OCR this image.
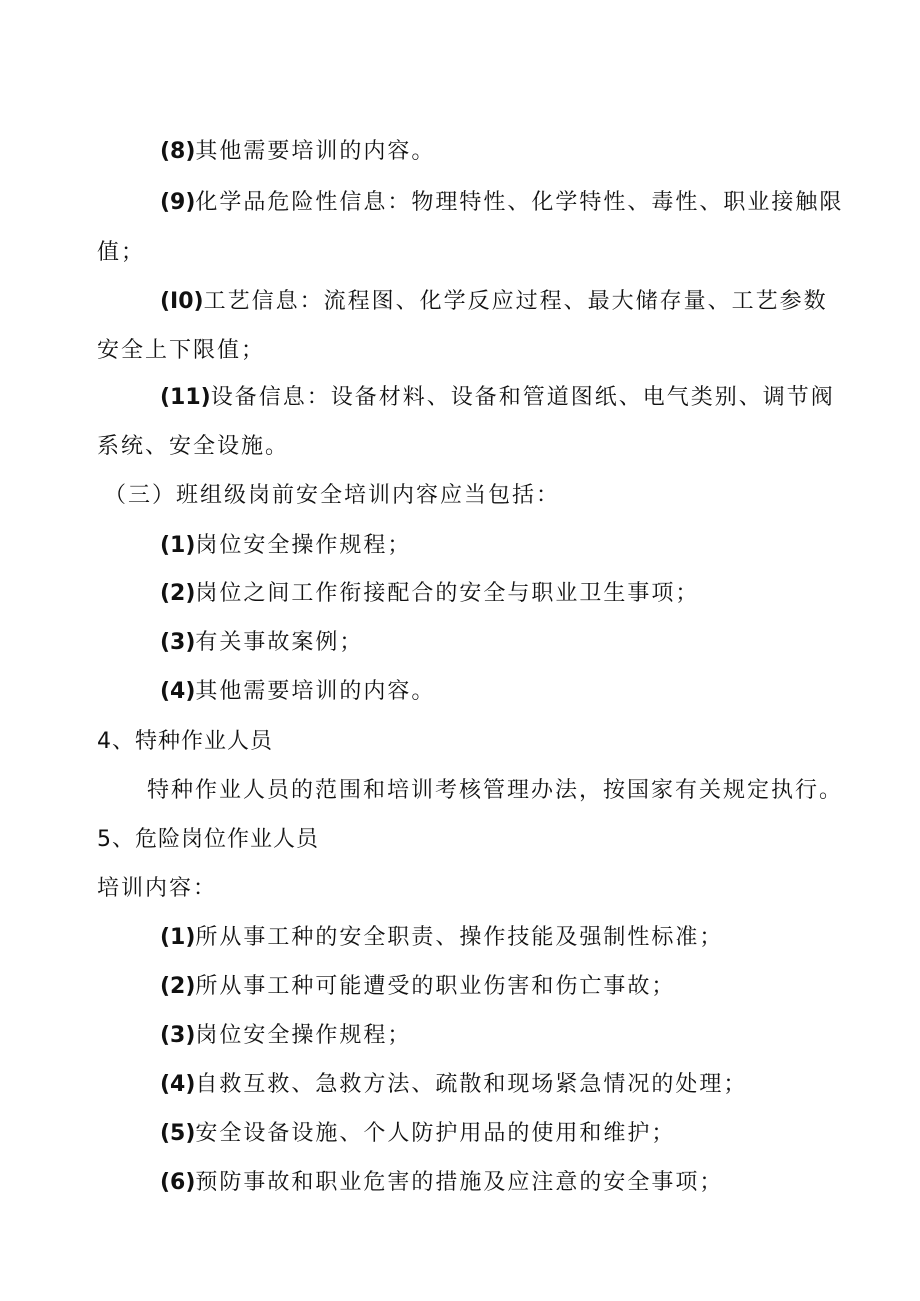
(8)其他需要培训的内容。
(9)化学品危险性信息：物理特性、化学特性、毒性、职业接触限
值；
(I0)工艺信息：流程图、化学反应过程、最大储存量、工艺参数
安全上下限值；
(11)设备信息：设备材料、设备和管道图纸、电气类别、调节阀
系统、安全设施。
（三）班组级岗前安全培训内容应当包括：
(1)岗位安全操作规程；
(2)岗位之间工作衔接配合的安全与职业卫生事项；
(3)有关事故案例；
(4)其他需要培训的内容。
4、特种作业人员
特种作业人员的范围和培训考核管理办法，按国家有关规定执行。
5、危险岗位作业人员
培训内容：
(1)所从事工种的安全职责、操作技能及强制性标准；
(2)所从事工种可能遭受的职业伤害和伤亡事故；
(3)岗位安全操作规程；
(4)自救互救、急救方法、疏散和现场紧急情况的处理；
(5)安全设备设施、个人防护用品的使用和维护；
(6)预防事故和职业危害的措施及应注意的安全事项；
